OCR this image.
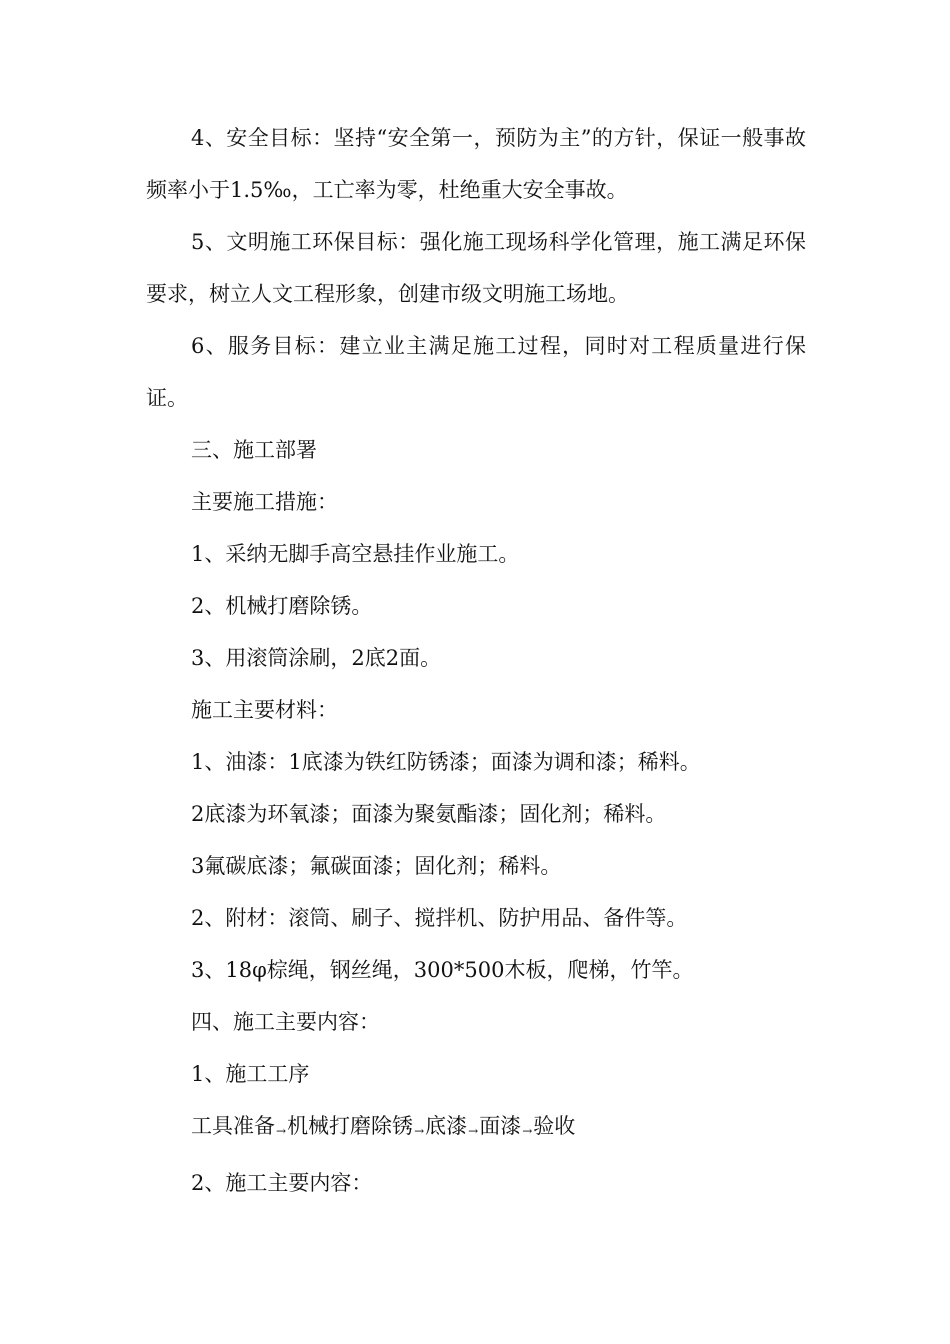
4、安全目标：坚持“安全第一，预防为主”的方针，保证一般事故频率小于1.5‰，工亡率为零，杜绝重大安全事故。

5、文明施工环保目标：强化施工现场科学化管理，施工满足环保要求，树立人文工程形象，创建市级文明施工场地。

6、服务目标：建立业主满足施工过程，同时对工程质量进行保证。

三、施工部署

主要施工措施：

1、采纳无脚手高空悬挂作业施工。

2、机械打磨除锈。

3、用滚筒涂刷，2底2面。

施工主要材料：

1、油漆：1底漆为铁红防锈漆；面漆为调和漆；稀料。

2底漆为环氧漆；面漆为聚氨酯漆；固化剂；稀料。

3氟碳底漆；氟碳面漆；固化剂；稀料。

2、附材：滚筒、刷子、搅拌机、防护用品、备件等。

3、18φ棕绳，钢丝绳，300*500木板，爬梯，竹竿。

四、施工主要内容：

1、施工工序

工具准备→机械打磨除锈→底漆→面漆→验收

2、施工主要内容：
